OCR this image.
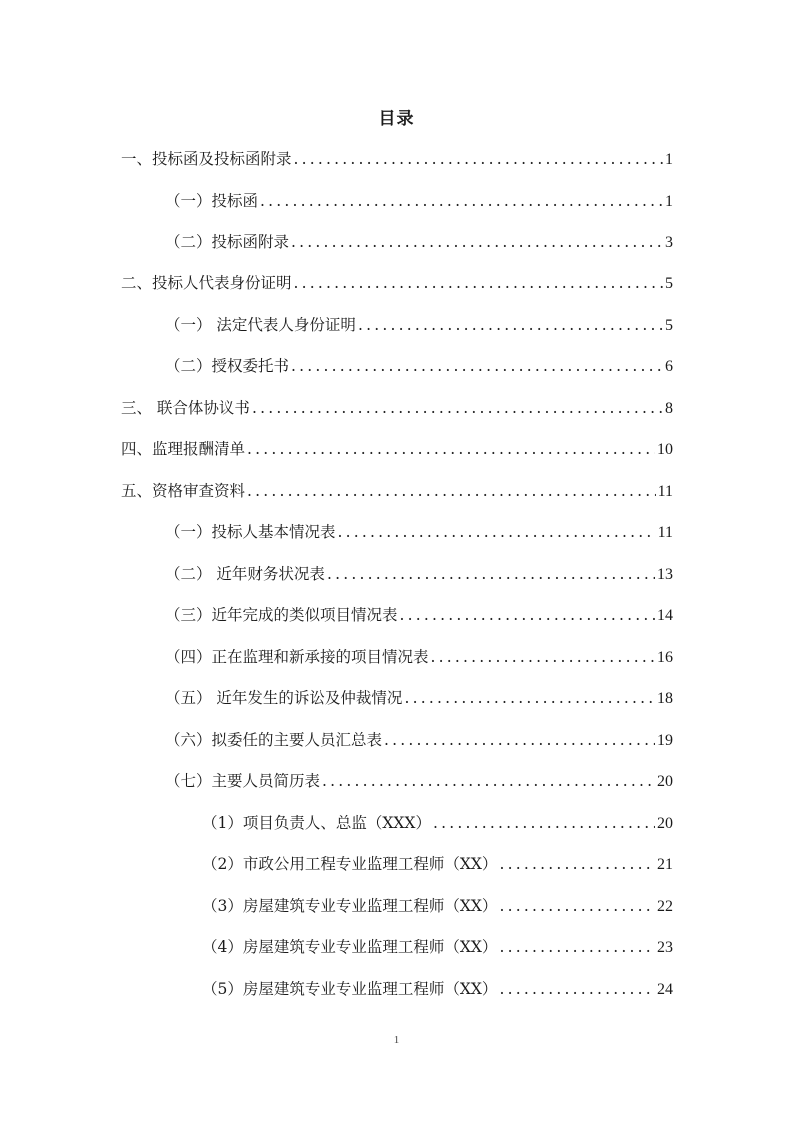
目录
一、投标函及投标函附录 .....	1
（一）投标函 .....	1
（二）投标函附录 .....	3
二、投标人代表身份证明 .....	5
（一） 法定代表人身份证明 .....	5
（二）授权委托书 .....	6
三、 联合体协议书 .....	8
四、监理报酬清单 .....	10
五、资格审查资料 .....	11
（一）投标人基本情况表 .....	11
（二） 近年财务状况表 .....	13
（三）近年完成的类似项目情况表 .....	14
（四）正在监理和新承接的项目情况表 .....	16
（五） 近年发生的诉讼及仲裁情况 .....	18
（六）拟委任的主要人员汇总表 .....	19
（七）主要人员简历表 .....	20
（1）项目负责人、总监（XXX） .....	20
（2）市政公用工程专业监理工程师（XX） .....	21
（3）房屋建筑专业专业监理工程师（XX） .....	22
（4）房屋建筑专业专业监理工程师（XX） .....	23
（5）房屋建筑专业专业监理工程师（XX） .....	24
1
